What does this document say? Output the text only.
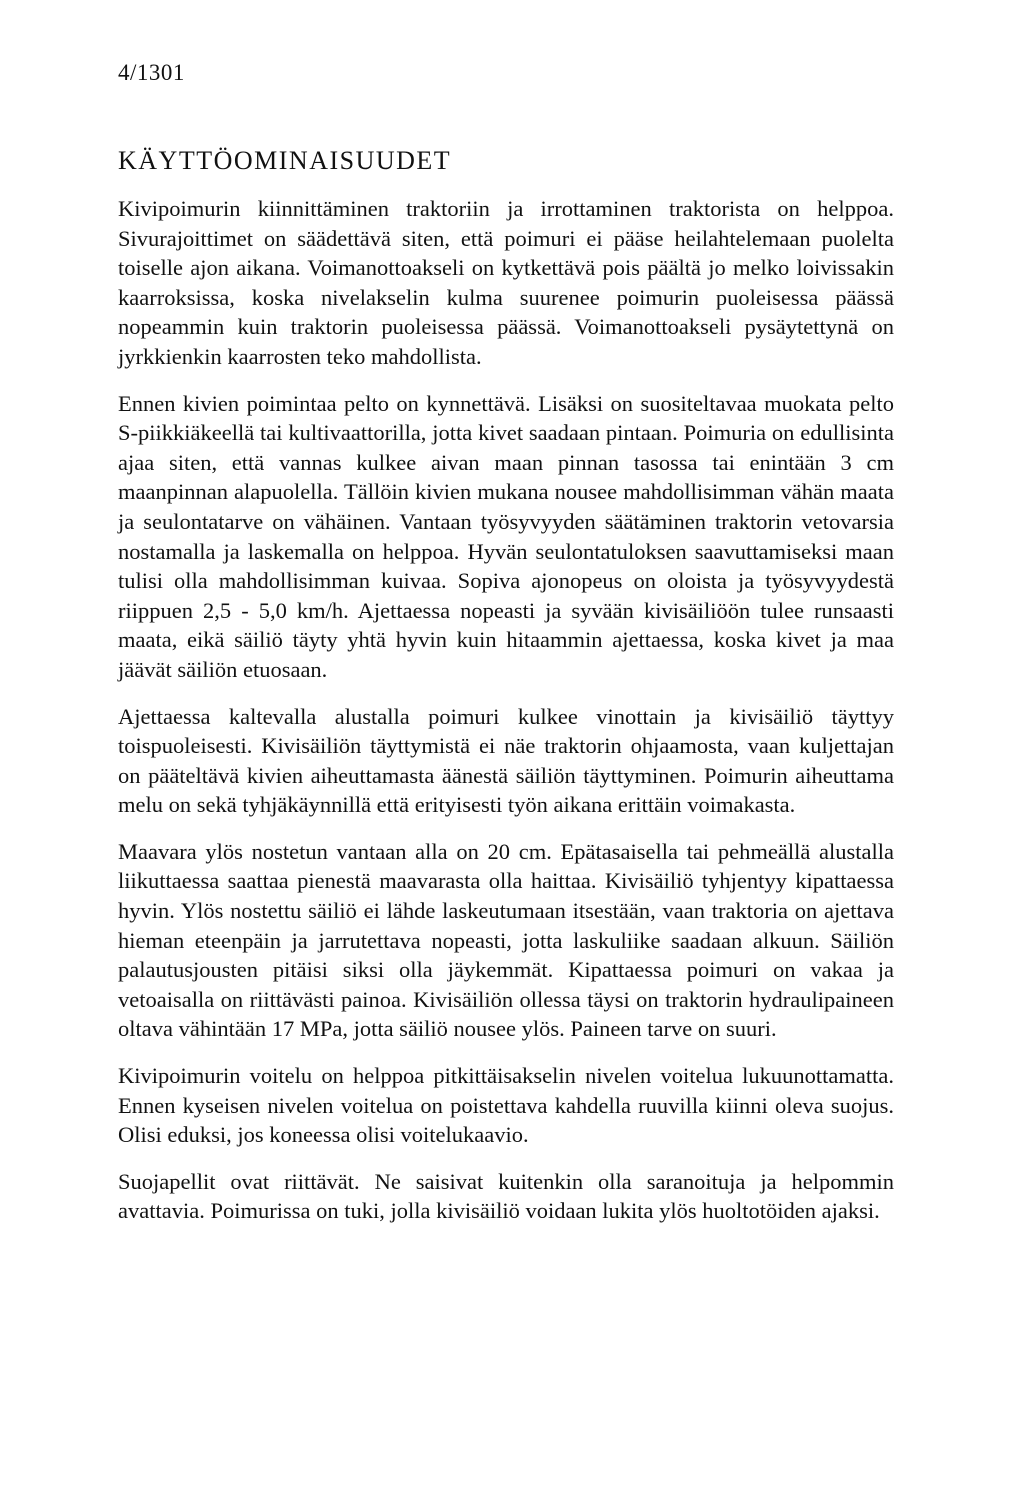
4/1301
KÄYTTÖOMINAISUUDET

Kivipoimurin kiinnittäminen traktoriin ja irrottaminen traktorista on helppoa. Sivurajoittimet on säädettävä siten, että poimuri ei pääse heilahtelemaan puolelta toiselle ajon aikana. Voimanottoakseli on kytkettävä pois päältä jo melko loivissakin kaarroksissa, koska nivelakselin kulma suurenee poimurin puoleisessa päässä nopeammin kuin traktorin puoleisessa päässä. Voimanottoakseli pysäytettynä on jyrkkienkin kaarrosten teko mahdollista.

Ennen kivien poimintaa pelto on kynnettävä. Lisäksi on suositeltavaa muokata pelto S-piikkiäkeellä tai kultivaattorilla, jotta kivet saadaan pintaan. Poimuria on edullisinta ajaa siten, että vannas kulkee aivan maan pinnan tasossa tai enintään 3 cm maanpinnan alapuolella. Tällöin kivien mukana nousee mahdollisimman vähän maata ja seulontatarve on vähäinen. Vantaan työsyvyyden säätäminen traktorin vetovarsia nostamalla ja laskemalla on helppoa. Hyvän seulontatuloksen saavuttamiseksi maan tulisi olla mahdollisimman kuivaa. Sopiva ajonopeus on oloista ja työsyvyydestä riippuen 2,5 - 5,0 km/h. Ajettaessa nopeasti ja syvään kivisäiliöön tulee runsaasti maata, eikä säiliö täyty yhtä hyvin kuin hitaammin ajettaessa, koska kivet ja maa jäävät säiliön etuosaan.

Ajettaessa kaltevalla alustalla poimuri kulkee vinottain ja kivisäiliö täyttyy toispuoleisesti. Kivisäiliön täyttymistä ei näe traktorin ohjaamosta, vaan kuljettajan on pääteltävä kivien aiheuttamasta äänestä säiliön täyttyminen. Poimurin aiheuttama melu on sekä tyhjäkäynnillä että erityisesti työn aikana erittäin voimakasta.

Maavara ylös nostetun vantaan alla on 20 cm. Epätasaisella tai pehmeällä alustalla liikuttaessa saattaa pienestä maavarasta olla haittaa. Kivisäiliö tyhjentyy kipattaessa hyvin. Ylös nostettu säiliö ei lähde laskeutumaan itsestään, vaan traktoria on ajettava hieman eteenpäin ja jarrutettava nopeasti, jotta laskuliike saadaan alkuun. Säiliön palautusjousten pitäisi siksi olla jäykemmät. Kipattaessa poimuri on vakaa ja vetoaisalla on riittävästi painoa. Kivisäiliön ollessa täysi on traktorin hydraulipaineen oltava vähintään 17 MPa, jotta säiliö nousee ylös. Paineen tarve on suuri.

Kivipoimurin voitelu on helppoa pitkittäisakselin nivelen voitelua lukuunottamatta. Ennen kyseisen nivelen voitelua on poistettava kahdella ruuvilla kiinni oleva suojus. Olisi eduksi, jos koneessa olisi voitelukaavio.

Suojapellit ovat riittävät. Ne saisivat kuitenkin olla saranoituja ja helpommin avattavia. Poimurissa on tuki, jolla kivisäiliö voidaan lukita ylös huoltotöiden ajaksi.
